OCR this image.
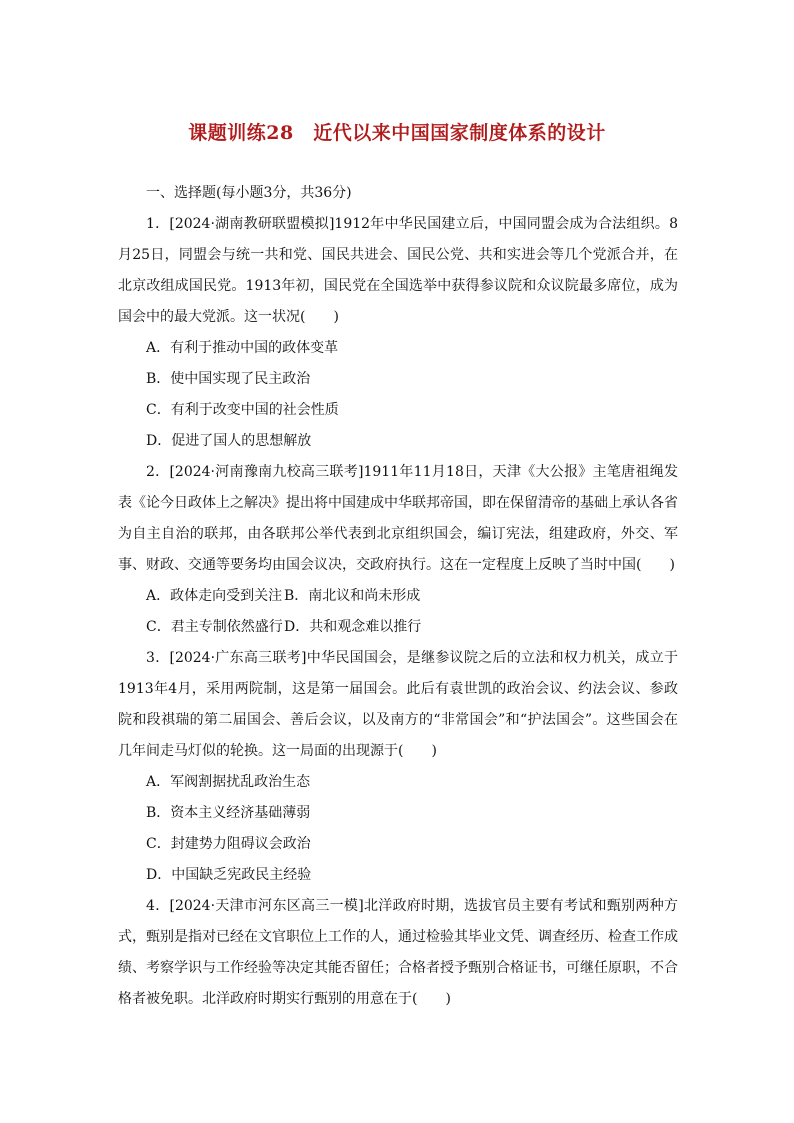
课题训练28　近代以来中国国家制度体系的设计
一、选择题(每小题3分，共36分)
1．[2024·湖南教研联盟模拟]1912年中华民国建立后，中国同盟会成为合法组织。8月25日，同盟会与统一共和党、国民共进会、国民公党、共和实进会等几个党派合并，在北京改组成国民党。1913年初，国民党在全国选举中获得参议院和众议院最多席位，成为国会中的最大党派。这一状况(　　)
A．有利于推动中国的政体变革
B．使中国实现了民主政治
C．有利于改变中国的社会性质
D．促进了国人的思想解放
2．[2024·河南豫南九校高三联考]1911年11月18日，天津《大公报》主笔唐祖绳发表《论今日政体上之解决》提出将中国建成中华联邦帝国，即在保留清帝的基础上承认各省为自主自治的联邦，由各联邦公举代表到北京组织国会，编订宪法，组建政府，外交、军事、财政、交通等要务均由国会议决，交政府执行。这在一定程度上反映了当时中国(　　)
A．政体走向受到关注 B．南北议和尚未形成
C．君主专制依然盛行D．共和观念难以推行
3．[2024·广东高三联考]中华民国国会，是继参议院之后的立法和权力机关，成立于1913年4月，采用两院制，这是第一届国会。此后有袁世凯的政治会议、约法会议、参政院和段祺瑞的第二届国会、善后会议，以及南方的“非常国会”和“护法国会”。这些国会在几年间走马灯似的轮换。这一局面的出现源于(　　)
A．军阀割据扰乱政治生态
B．资本主义经济基础薄弱
C．封建势力阻碍议会政治
D．中国缺乏宪政民主经验
4．[2024·天津市河东区高三一模]北洋政府时期，选拔官员主要有考试和甄别两种方式，甄别是指对已经在文官职位上工作的人，通过检验其毕业文凭、调查经历、检查工作成绩、考察学识与工作经验等决定其能否留任；合格者授予甄别合格证书，可继任原职，不合格者被免职。北洋政府时期实行甄别的用意在于(　　)
